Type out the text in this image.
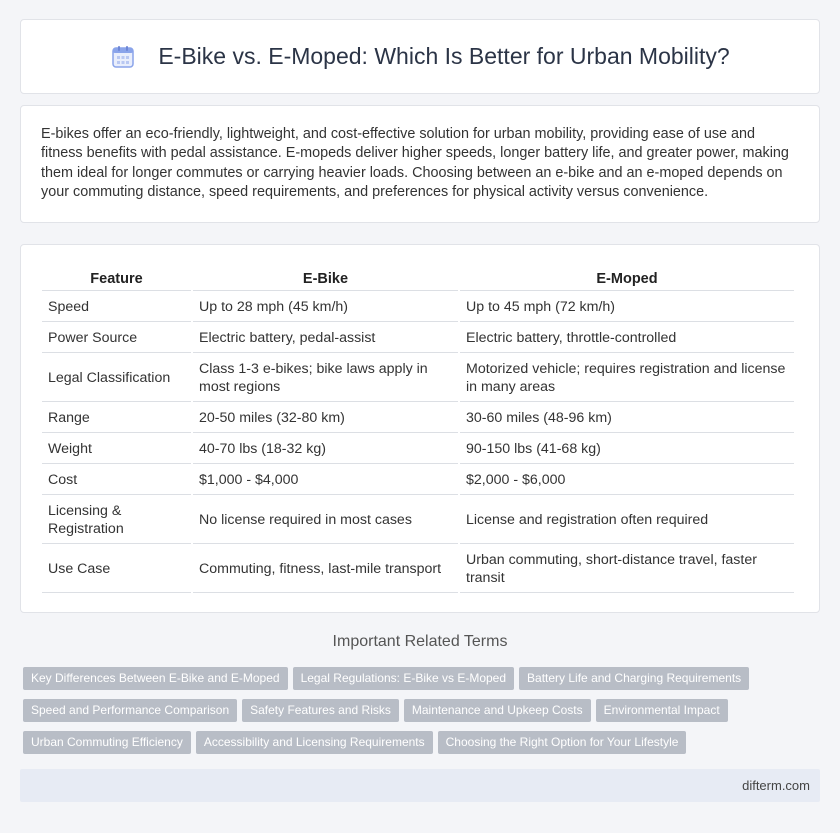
E-Bike vs. E-Moped: Which Is Better for Urban Mobility?

E-bikes offer an eco-friendly, lightweight, and cost-effective solution for urban mobility, providing ease of use and fitness benefits with pedal assistance. E-mopeds deliver higher speeds, longer battery life, and greater power, making them ideal for longer commutes or carrying heavier loads. Choosing between an e-bike and an e-moped depends on your commuting distance, speed requirements, and preferences for physical activity versus convenience.

Feature	E-Bike	E-Moped
Speed	Up to 28 mph (45 km/h)	Up to 45 mph (72 km/h)
Power Source	Electric battery, pedal-assist	Electric battery, throttle-controlled
Legal Classification	Class 1-3 e-bikes; bike laws apply in most regions	Motorized vehicle; requires registration and license in many areas
Range	20-50 miles (32-80 km)	30-60 miles (48-96 km)
Weight	40-70 lbs (18-32 kg)	90-150 lbs (41-68 kg)
Cost	$1,000 - $4,000	$2,000 - $6,000
Licensing & Registration	No license required in most cases	License and registration often required
Use Case	Commuting, fitness, last-mile transport	Urban commuting, short-distance travel, faster transit
Important Related Terms
Key Differences Between E-Bike and E-Moped Legal Regulations: E-Bike vs E-Moped Battery Life and Charging Requirements
Speed and Performance Comparison Safety Features and Risks Maintenance and Upkeep Costs Environmental Impact
Urban Commuting Efficiency Accessibility and Licensing Requirements Choosing the Right Option for Your Lifestyle
difterm.com
